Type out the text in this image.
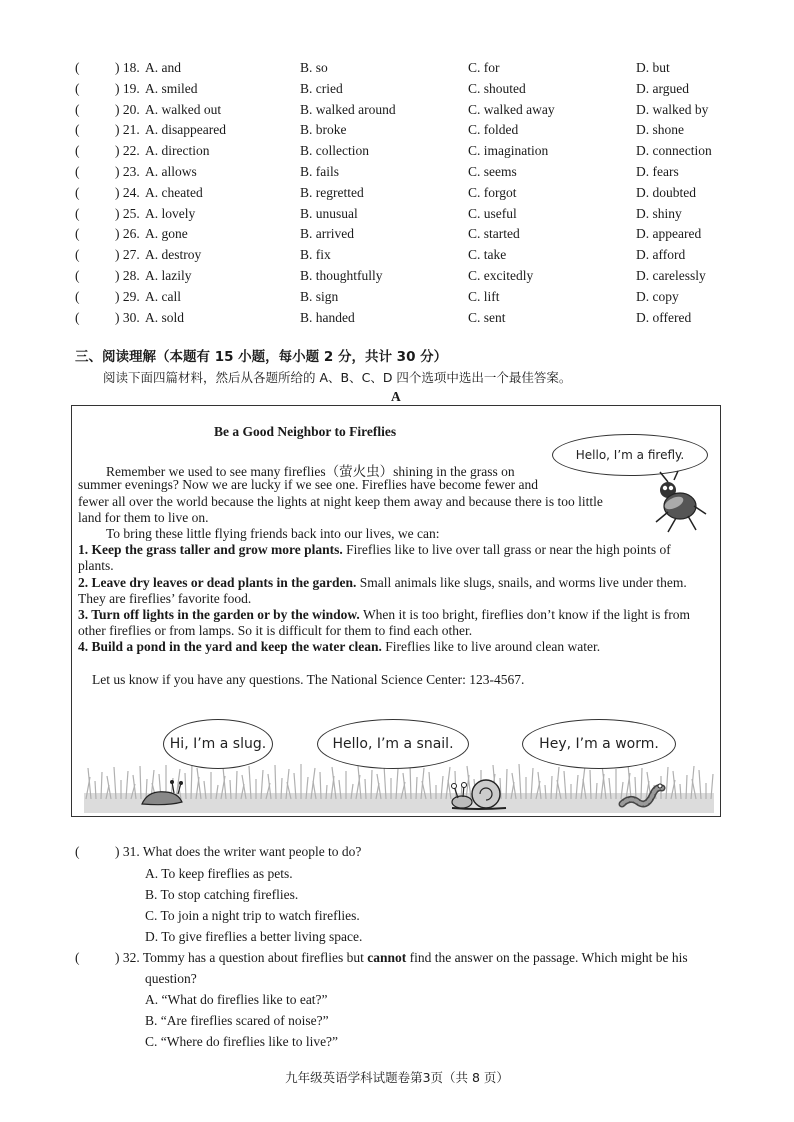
(	) 18. A. and	B. so	C. for	D. but
(	) 19. A. smiled	B. cried	C. shouted	D. argued
(	) 20. A. walked out	B. walked around	C. walked away	D. walked by
(	) 21. A. disappeared	B. broke	C. folded	D. shone
(	) 22. A. direction	B. collection	C. imagination	D. connection
(	) 23. A. allows	B. fails	C. seems	D. fears
(	) 24. A. cheated	B. regretted	C. forgot	D. doubted
(	) 25. A. lovely	B. unusual	C. useful	D. shiny
(	) 26. A. gone	B. arrived	C. started	D. appeared
(	) 27. A. destroy	B. fix	C. take	D. afford
(	) 28. A. lazily	B. thoughtfully	C. excitedly	D. carelessly
(	) 29. A. call	B. sign	C. lift	D. copy
(	) 30. A. sold	B. handed	C. sent	D. offered
三、阅读理解（本题有 15 小题，每小题 2 分，共计 30 分）
阅读下面四篇材料，然后从各题所给的 A、B、C、D 四个选项中选出一个最佳答案。
A
Be a Good Neighbor to Fireflies
Remember we used to see many fireflies（萤火虫）shining in the grass on
summer evenings? Now we are lucky if we see one. Fireflies have become fewer and
fewer all over the world because the lights at night keep them away and because there is too little
land for them to live on.
To bring these little flying friends back into our lives, we can:
1. Keep the grass taller and grow more plants. Fireflies like to live over tall grass or near the high points of
plants.
2. Leave dry leaves or dead plants in the garden. Small animals like slugs, snails, and worms live under them.
They are fireflies’ favorite food.
3. Turn off lights in the garden or by the window. When it is too bright, fireflies don’t know if the light is from
other fireflies or from lamps. So it is difficult for them to find each other.
4. Build a pond in the yard and keep the water clean. Fireflies like to live around clean water.
Let us know if you have any questions. The National Science Center: 123-4567.
Hello, I’m a firefly.
Hi, I’m a slug.	Hello, I’m a snail.	Hey, I’m a worm.
(	) 31. What does the writer want people to do?
A. To keep fireflies as pets.
B. To stop catching fireflies.
C. To join a night trip to watch fireflies.
D. To give fireflies a better living space.
(	) 32. Tommy has a question about fireflies but cannot find the answer on the passage. Which might be his
question?
A. “What do fireflies like to eat?”
B. “Are fireflies scared of noise?”
C. “Where do fireflies like to live?”
九年级英语学科试题卷第3页（共 8 页）
